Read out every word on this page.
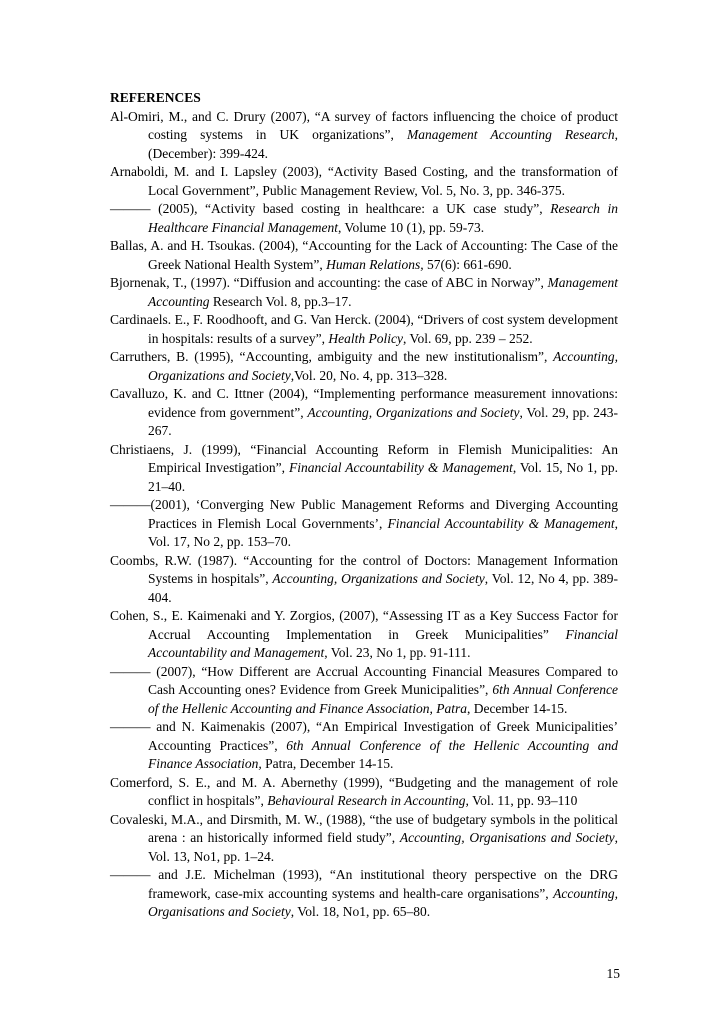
REFERENCES

Al-Omiri, M., and C. Drury (2007), “A survey of factors influencing the choice of product costing systems in UK organizations”, Management Accounting Research, (December): 399-424.

Arnaboldi, M. and I. Lapsley (2003), “Activity Based Costing, and the transformation of Local Government”, Public Management Review, Vol. 5, No. 3, pp. 346-375.

——— (2005), “Activity based costing in healthcare: a UK case study”, Research in Healthcare Financial Management, Volume 10 (1), pp. 59-73.

Ballas, A. and H. Tsoukas. (2004), “Accounting for the Lack of Accounting: The Case of the Greek National Health System”, Human Relations, 57(6): 661-690.

Bjornenak, T., (1997). “Diffusion and accounting: the case of ABC in Norway”, Management Accounting Research Vol. 8, pp.3–17.

Cardinaels. E., F. Roodhooft, and G. Van Herck. (2004), “Drivers of cost system development in hospitals: results of a survey”, Health Policy, Vol. 69, pp. 239 – 252.

Carruthers, B. (1995), “Accounting, ambiguity and the new institutionalism”, Accounting, Organizations and Society,Vol. 20, No. 4, pp. 313–328.

Cavalluzo, K. and C. Ittner (2004), “Implementing performance measurement innovations: evidence from government”, Accounting, Organizations and Society, Vol. 29, pp. 243-267.

Christiaens, J. (1999), “Financial Accounting Reform in Flemish Municipalities: An Empirical Investigation”, Financial Accountability & Management, Vol. 15, No 1, pp. 21–40.

———(2001), ‘Converging New Public Management Reforms and Diverging Accounting Practices in Flemish Local Governments’, Financial Accountability & Management, Vol. 17, No 2, pp. 153–70.

Coombs, R.W. (1987). “Accounting for the control of Doctors: Management Information Systems in hospitals”, Accounting, Organizations and Society, Vol. 12, No 4, pp. 389-404.

Cohen, S., E. Kaimenaki and Y. Zorgios, (2007), “Assessing IT as a Key Success Factor for Accrual Accounting Implementation in Greek Municipalities” Financial Accountability and Management, Vol. 23, No 1, pp. 91-111.

——— (2007), “How Different are Accrual Accounting Financial Measures Compared to Cash Accounting ones? Evidence from Greek Municipalities”, 6th Annual Conference of the Hellenic Accounting and Finance Association, Patra, December 14-15.

——— and N. Kaimenakis (2007), “An Empirical Investigation of Greek Municipalities’ Accounting Practices”, 6th Annual Conference of the Hellenic Accounting and Finance Association, Patra, December 14-15.

Comerford, S. E., and M. A. Abernethy (1999), “Budgeting and the management of role conflict in hospitals”, Behavioural Research in Accounting, Vol. 11, pp. 93–110

Covaleski, M.A., and Dirsmith, M. W., (1988), “the use of budgetary symbols in the political arena : an historically informed field study”, Accounting, Organisations and Society, Vol. 13, No1, pp. 1–24.

——— and J.E. Michelman (1993), “An institutional theory perspective on the DRG framework, case-mix accounting systems and health-care organisations”, Accounting, Organisations and Society, Vol. 18, No1, pp. 65–80.

15
